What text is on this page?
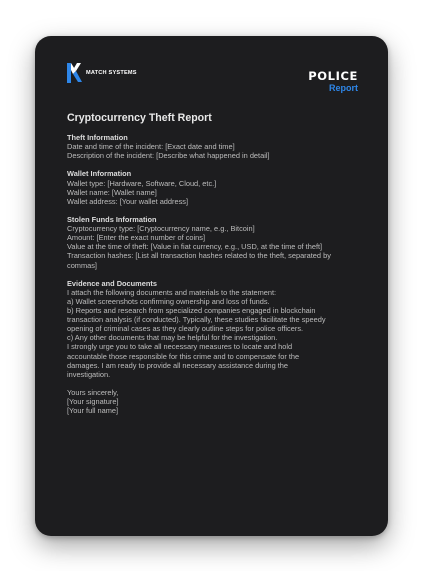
MATCH SYSTEMS	POLICE
Report
Cryptocurrency Theft Report
Theft Information
Date and time of the incident: [Exact date and time]
Description of the incident: [Describe what happened in detail]
Wallet Information
Wallet type: [Hardware, Software, Cloud, etc.]
Wallet name: [Wallet name]
Wallet address: [Your wallet address]
Stolen Funds Information
Cryptocurrency type: [Cryptocurrency name, e.g., Bitcoin]
Amount: [Enter the exact number of coins]
Value at the time of theft: [Value in fiat currency, e.g., USD, at the time of theft]
Transaction hashes: [List all transaction hashes related to the theft, separated by
commas]
Evidence and Documents
I attach the following documents and materials to the statement:
a) Wallet screenshots confirming ownership and loss of funds.
b) Reports and research from specialized companies engaged in blockchain
transaction analysis (if conducted). Typically, these studies facilitate the speedy
opening of criminal cases as they clearly outline steps for police officers.
c) Any other documents that may be helpful for the investigation.
I strongly urge you to take all necessary measures to locate and hold
accountable those responsible for this crime and to compensate for the
damages. I am ready to provide all necessary assistance during the
investigation.
Yours sincerely,
[Your signature]
[Your full name]
